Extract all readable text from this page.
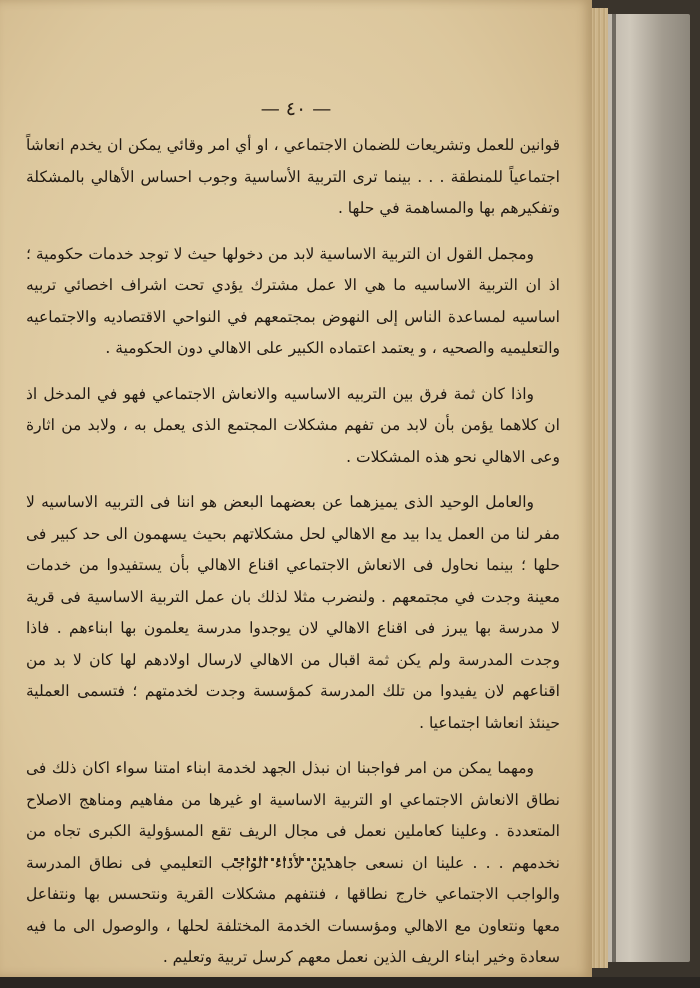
— ٤٠ —

قوانين للعمل وتشريعات للضمان الاجتماعي ، او أي امر وقائي يمكن ان يخدم انعاشاً اجتماعياً للمنطقة . . . بينما ترى التربية الأساسية وجوب احساس الأهالي بالمشكلة وتفكيرهم بها والمساهمة في حلها .

ومجمل القول ان التربية الاساسية لابد من دخولها حيث لا توجد خدمات حكومية ؛ اذ ان التربية الاساسيه ما هي الا عمل مشترك يؤدي تحت اشراف اخصائي تربيه اساسيه لمساعدة الناس إلى النهوض بمجتمعهم في النواحي الاقتصاديه والاجتماعيه والتعليميه والصحيه ، و يعتمد اعتماده الكبير على الاهالي دون الحكومية .

واذا كان ثمة فرق بين التربيه الاساسيه والانعاش الاجتماعي فهو في المدخل اذ ان كلاهما يؤمن بأن لابد من تفهم مشكلات المجتمع الذى يعمل به ، ولابد من اثارة وعى الاهالي نحو هذه المشكلات .

والعامل الوحيد الذى يميزهما عن بعضهما البعض هو اننا فى التربيه الاساسيه لا مفر لنا من العمل يدا بيد مع الاهالي لحل مشكلاتهم بحيث يسهمون الى حد كبير فى حلها ؛ بينما نحاول فى الانعاش الاجتماعي اقناع الاهالي بأن يستفيدوا من خدمات معينة وجدت في مجتمعهم . ولنضرب مثلا لذلك بان عمل التربية الاساسية فى قرية لا مدرسة بها يبرز فى اقناع الاهالي لان يوجدوا مدرسة يعلمون بها ابناءهم . فاذا وجدت المدرسة ولم يكن ثمة اقبال من الاهالي لارسال اولادهم لها كان لا بد من اقناعهم لان يفيدوا من تلك المدرسة كمؤسسة وجدت لخدمتهم ؛ فتسمى العملية حينئذ انعاشا اجتماعيا .

ومهما يمكن من امر فواجبنا ان نبذل الجهد لخدمة ابناء امتنا سواء اكان ذلك فى نطاق الانعاش الاجتماعي او التربية الاساسية او غيرها من مفاهيم ومناهج الاصلاح المتعددة . وعلينا كعاملين نعمل فى مجال الريف تقع المسؤولية الكبرى تجاه من نخدمهم . . . علينا ان نسعى جاهدين لأداء الواجب التعليمي فى نطاق المدرسة والواجب الاجتماعي خارج نطاقها ، فنتفهم مشكلات القرية ونتحسس بها ونتفاعل معها ونتعاون مع الاهالي ومؤسسات الخدمة المختلفة لحلها ، والوصول الى ما فيه سعادة وخير ابناء الريف الذين نعمل معهم كرسل تربية وتعليم .
